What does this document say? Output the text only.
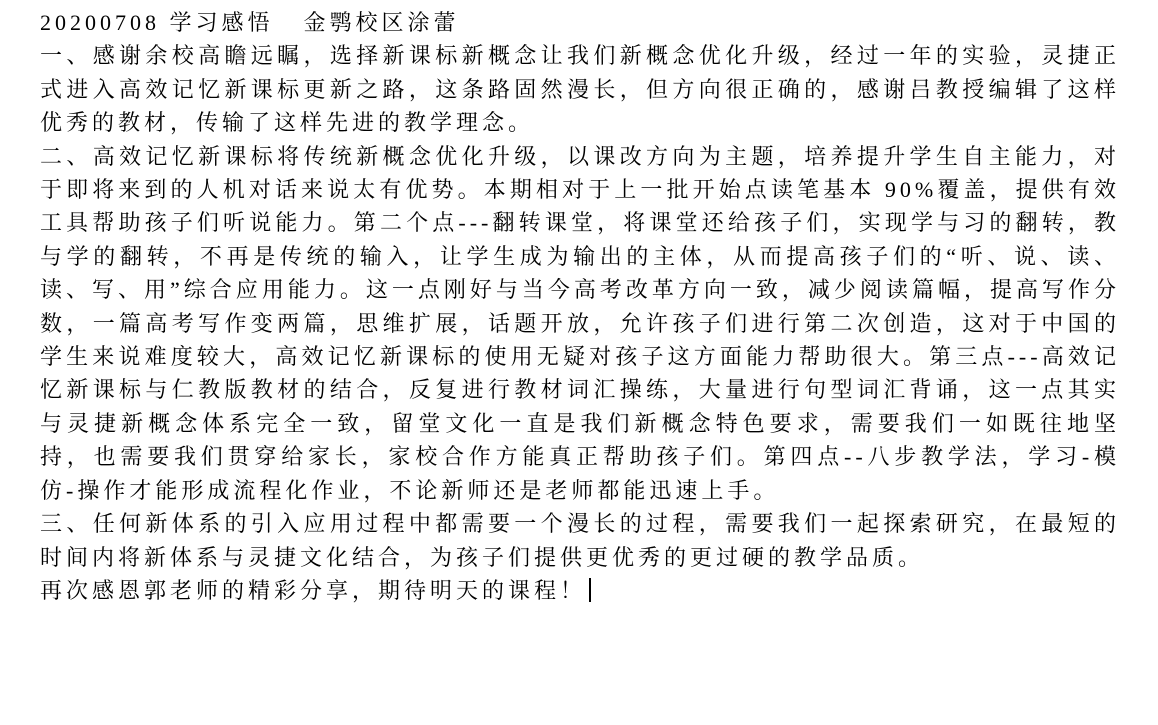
20200708 学习感悟 金鹗校区涂蕾

一、感谢余校高瞻远瞩，选择新课标新概念让我们新概念优化升级，经过一年的实验，灵捷正式进入高效记忆新课标更新之路，这条路固然漫长，但方向很正确的，感谢吕教授编辑了这样优秀的教材，传输了这样先进的教学理念。

二、高效记忆新课标将传统新概念优化升级，以课改方向为主题，培养提升学生自主能力，对于即将来到的人机对话来说太有优势。本期相对于上一批开始点读笔基本 90%覆盖，提供有效工具帮助孩子们听说能力。第二个点---翻转课堂，将课堂还给孩子们，实现学与习的翻转，教与学的翻转，不再是传统的输入，让学生成为输出的主体，从而提高孩子们的“听、说、读、读、写、用”综合应用能力。这一点刚好与当今高考改革方向一致，减少阅读篇幅，提高写作分数，一篇高考写作变两篇，思维扩展，话题开放，允许孩子们进行第二次创造，这对于中国的学生来说难度较大，高效记忆新课标的使用无疑对孩子这方面能力帮助很大。第三点---高效记忆新课标与仁教版教材的结合，反复进行教材词汇操练，大量进行句型词汇背诵，这一点其实与灵捷新概念体系完全一致，留堂文化一直是我们新概念特色要求，需要我们一如既往地坚持，也需要我们贯穿给家长，家校合作方能真正帮助孩子们。第四点--八步教学法，学习-模仿-操作才能形成流程化作业，不论新师还是老师都能迅速上手。

三、任何新体系的引入应用过程中都需要一个漫长的过程，需要我们一起探索研究，在最短的时间内将新体系与灵捷文化结合，为孩子们提供更优秀的更过硬的教学品质。

再次感恩郭老师的精彩分享，期待明天的课程！
